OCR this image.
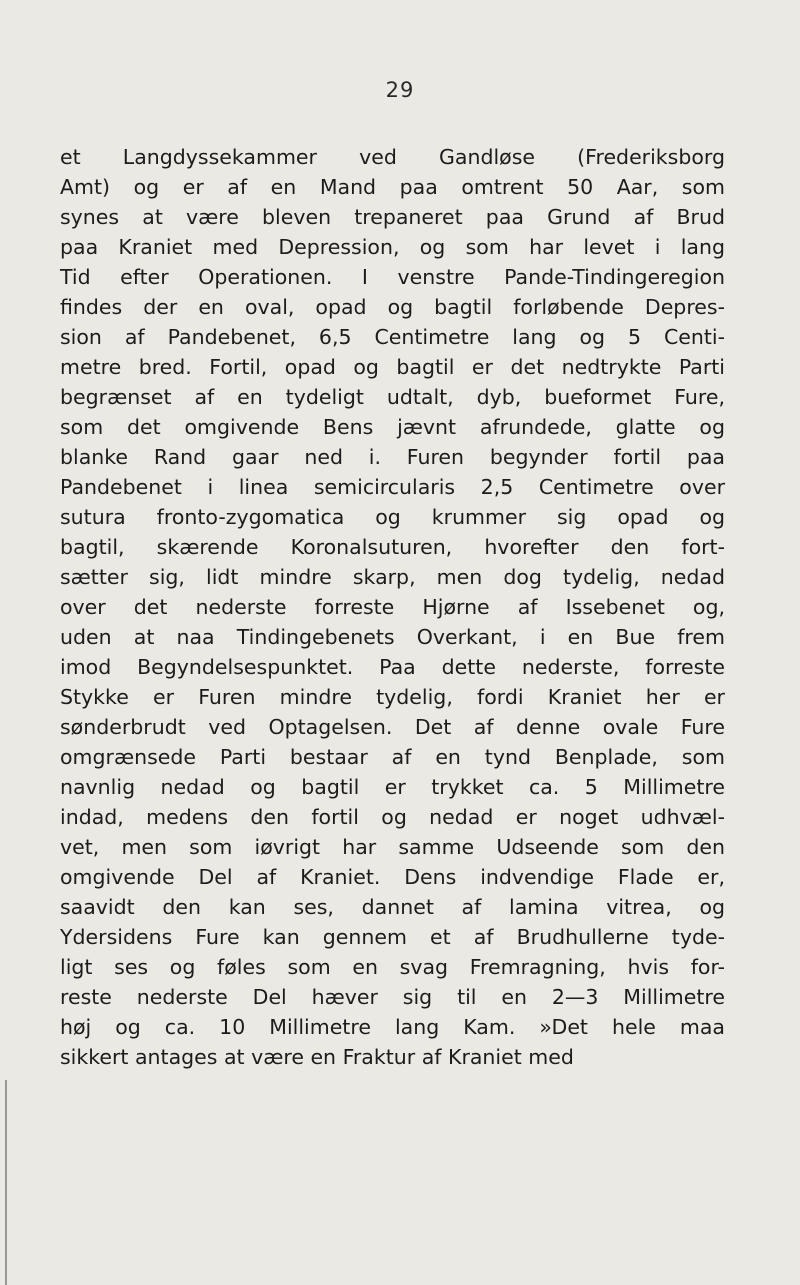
29
et Langdyssekammer ved Gandløse (Frederiksborg
Amt) og er af en Mand paa omtrent 50 Aar, som
synes at være bleven trepaneret paa Grund af Brud
paa Kraniet med Depression, og som har levet i lang
Tid efter Operationen. I venstre Pande-Tindingeregion
findes der en oval, opad og bagtil forløbende Depres-
sion af Pandebenet, 6,5 Centimetre lang og 5 Centi-
metre bred. Fortil, opad og bagtil er det nedtrykte Parti
begrænset af en tydeligt udtalt, dyb, bueformet Fure,
som det omgivende Bens jævnt afrundede, glatte og
blanke Rand gaar ned i. Furen begynder fortil paa
Pandebenet i linea semicircularis 2,5 Centimetre over
sutura fronto-zygomatica og krummer sig opad og
bagtil, skærende Koronalsuturen, hvorefter den fort-
sætter sig, lidt mindre skarp, men dog tydelig, nedad
over det nederste forreste Hjørne af Issebenet og,
uden at naa Tindingebenets Overkant, i en Bue frem
imod Begyndelsespunktet. Paa dette nederste, forreste
Stykke er Furen mindre tydelig, fordi Kraniet her er
sønderbrudt ved Optagelsen. Det af denne ovale Fure
omgrænsede Parti bestaar af en tynd Benplade, som
navnlig nedad og bagtil er trykket ca. 5 Millimetre
indad, medens den fortil og nedad er noget udhvæl-
vet, men som iøvrigt har samme Udseende som den
omgivende Del af Kraniet. Dens indvendige Flade er,
saavidt den kan ses, dannet af lamina vitrea, og
Ydersidens Fure kan gennem et af Brudhullerne tyde-
ligt ses og føles som en svag Fremragning, hvis for-
reste nederste Del hæver sig til en 2—3 Millimetre
høj og ca. 10 Millimetre lang Kam. »Det hele maa
sikkert antages at være en Fraktur af Kraniet med
